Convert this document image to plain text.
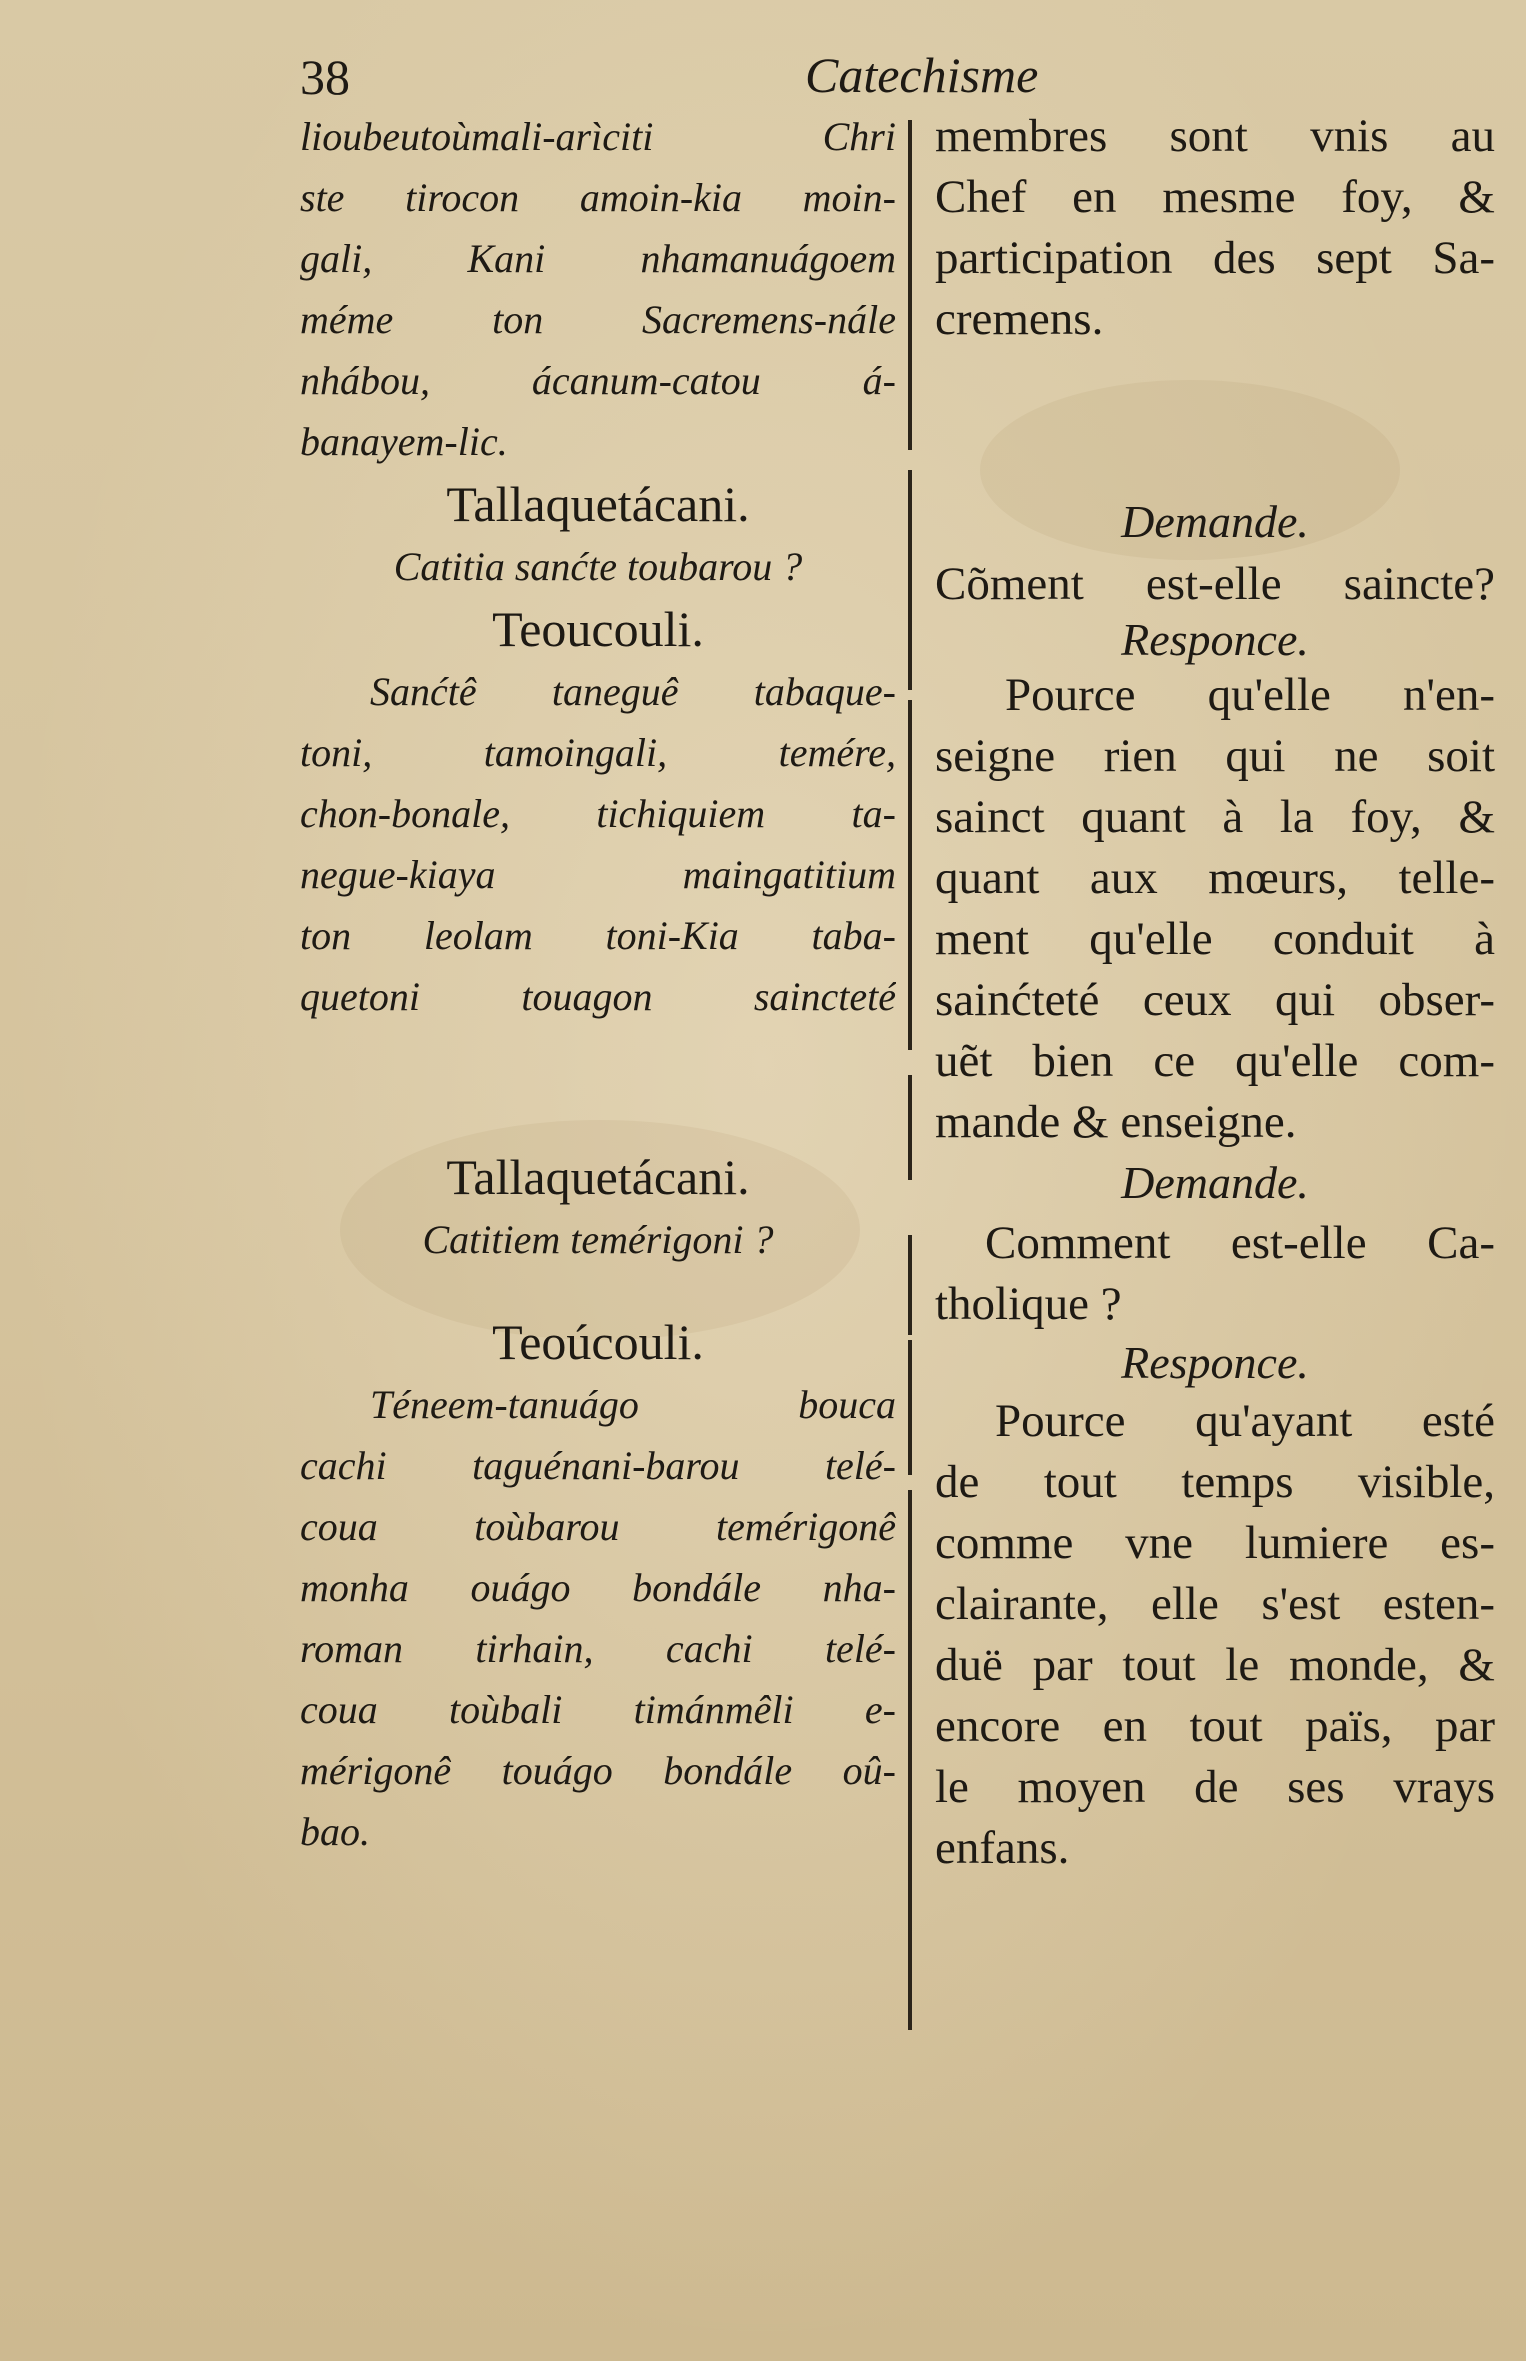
38	Catechisme
lioubeutoùmali-arìciti Chri
ste tirocon amoin-kia moin-
gali, Kani nhamanuágoem
méme ton Sacremens-nále
nhábou, ácanum-catou á-
banayem-lic.
Tallaquetácani.
Catitia sanćte toubarou ?
Teoucouli.
Sanćtê taneguê tabaque-
toni, tamoingali, temére,
chon-bonale, tichiquiem ta-
negue-kiaya maingatitium
ton leolam toni-Kia taba-
quetoni touagon saincteté
Tallaquetácani.
Catitiem temérigoni ?
Teoúcouli.
Téneem-tanuágo bouca
cachi taguénani-barou telé-
coua toùbarou temérigonê
monha ouágo bondále nha-
roman tirhain, cachi telé-
coua toùbali timánmêli e-
mérigonê touágo bondále oû-
bao.
membres sont vnis au
Chef en mesme foy, &
participation des sept Sa-
cremens.
Demande.
Cõment est-elle saincte?
Responce.
Pource qu'elle n'en-
seigne rien qui ne soit
sainct quant à la foy, &
quant aux mœurs, telle-
ment qu'elle conduit à
sainćteté ceux qui obser-
uẽt bien ce qu'elle com-
mande & enseigne.
Demande.
Comment est-elle Ca-
tholique ?
Responce.
Pource qu'ayant esté
de tout temps visible,
comme vne lumiere es-
clairante, elle s'est esten-
duë par tout le monde, &
encore en tout païs, par
le moyen de ses vrays
enfans.
